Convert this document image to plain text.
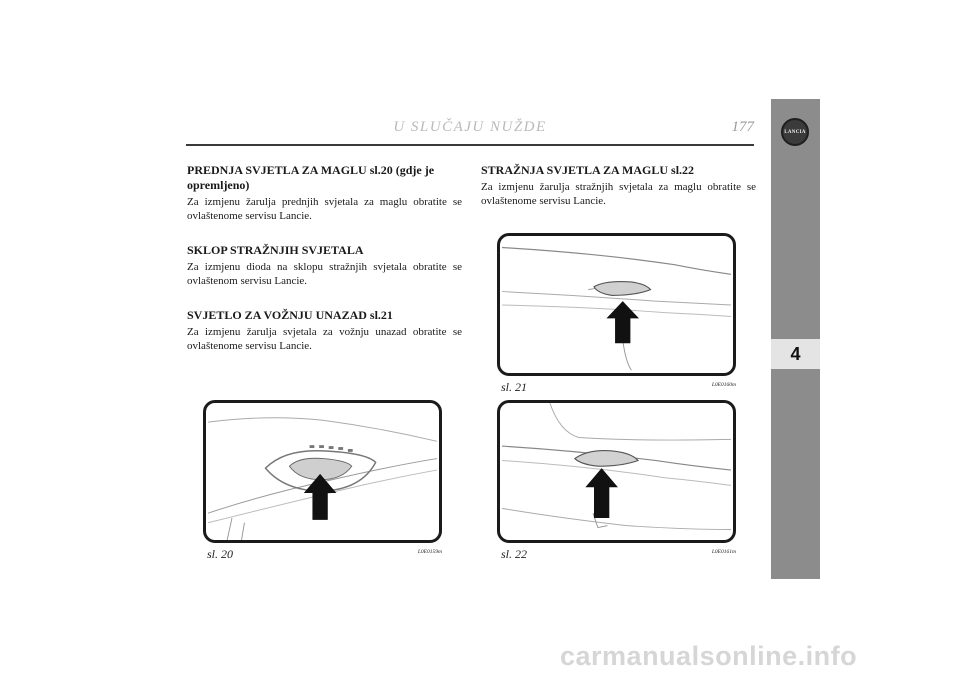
U SLUČAJU NUŽDE	177	LANCIA
4

PREDNJA SVJETLA ZA MAGLU sl.20 (gdje je opremljeno)

Za izmjenu žarulja prednjih svjetala za maglu obratite se ovlaštenome servisu Lancie.

SKLOP STRAŽNJIH SVJETALA

Za izmjenu dioda na sklopu stražnjih svjetala obratite se ovlaštenom servisu Lancie.

SVJETLO ZA VOŽNJU UNAZAD sl.21

Za izmjenu žarulja svjetala za vožnju unazad obratite se ovlaštenome servisu Lancie.

STRAŽNJA SVJETLA ZA MAGLU sl.22

Za izmjenu žarulja stražnjih svjetala za maglu obratite se ovlaštenome servisu Lancie.

sl. 20	L0E0159m
sl. 21	L0E0160m
sl. 22	L0E0161m
carmanualsonline.info
